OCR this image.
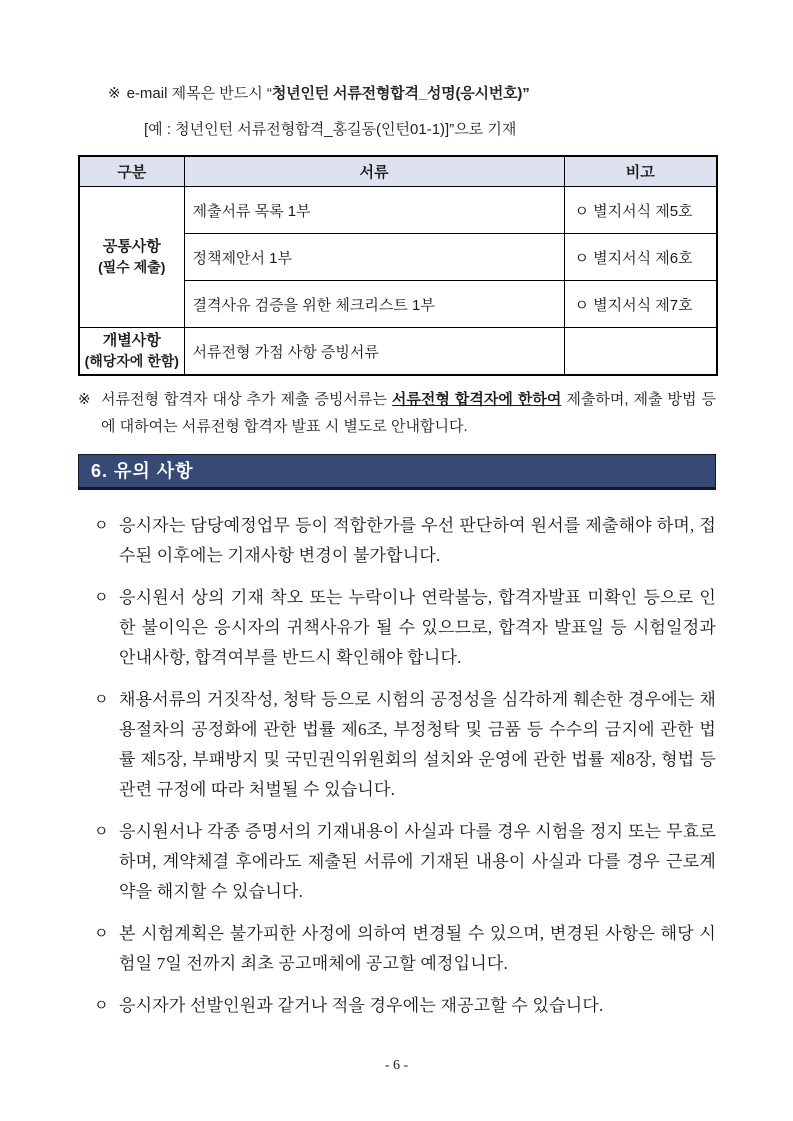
※ e-mail 제목은 반드시 “청년인턴 서류전형합격_성명(응시번호)”

[예 : 청년인턴 서류전형합격_홍길동(인턴01-1)]”으로 기재

구분	서류	비고

공통사항
(필수 제출)	제출서류 목록 1부	ㅇ 별지서식 제5호
	정책제안서 1부	ㅇ 별지서식 제6호
	결격사유 검증을 위한 체크리스트 1부	ㅇ 별지서식 제7호

개별사항
(해당자에 한함)	서류전형 가점 사항 증빙서류	
※ 서류전형 합격자 대상 추가 제출 증빙서류는 서류전형 합격자에 한하여 제출하며, 제출 방법 등에 대하여는 서류전형 합격자 발표 시 별도로 안내합니다.
6. 유의 사항
ㅇ 응시자는 담당예정업무 등이 적합한가를 우선 판단하여 원서를 제출해야 하며, 접수된 이후에는 기재사항 변경이 불가합니다.

ㅇ 응시원서 상의 기재 착오 또는 누락이나 연락불능, 합격자발표 미확인 등으로 인한 불이익은 응시자의 귀책사유가 될 수 있으므로, 합격자 발표일 등 시험일정과 안내사항, 합격여부를 반드시 확인해야 합니다.

ㅇ 채용서류의 거짓작성, 청탁 등으로 시험의 공정성을 심각하게 훼손한 경우에는 채용절차의 공정화에 관한 법률 제6조, 부정청탁 및 금품 등 수수의 금지에 관한 법률 제5장, 부패방지 및 국민권익위원회의 설치와 운영에 관한 법률 제8장, 형법 등 관련 규정에 따라 처벌될 수 있습니다.

ㅇ 응시원서나 각종 증명서의 기재내용이 사실과 다를 경우 시험을 정지 또는 무효로 하며, 계약체결 후에라도 제출된 서류에 기재된 내용이 사실과 다를 경우 근로계약을 해지할 수 있습니다.

ㅇ 본 시험계획은 불가피한 사정에 의하여 변경될 수 있으며, 변경된 사항은 해당 시험일 7일 전까지 최초 공고매체에 공고할 예정입니다.

ㅇ 응시자가 선발인원과 같거나 적을 경우에는 재공고할 수 있습니다.

- 6 -
